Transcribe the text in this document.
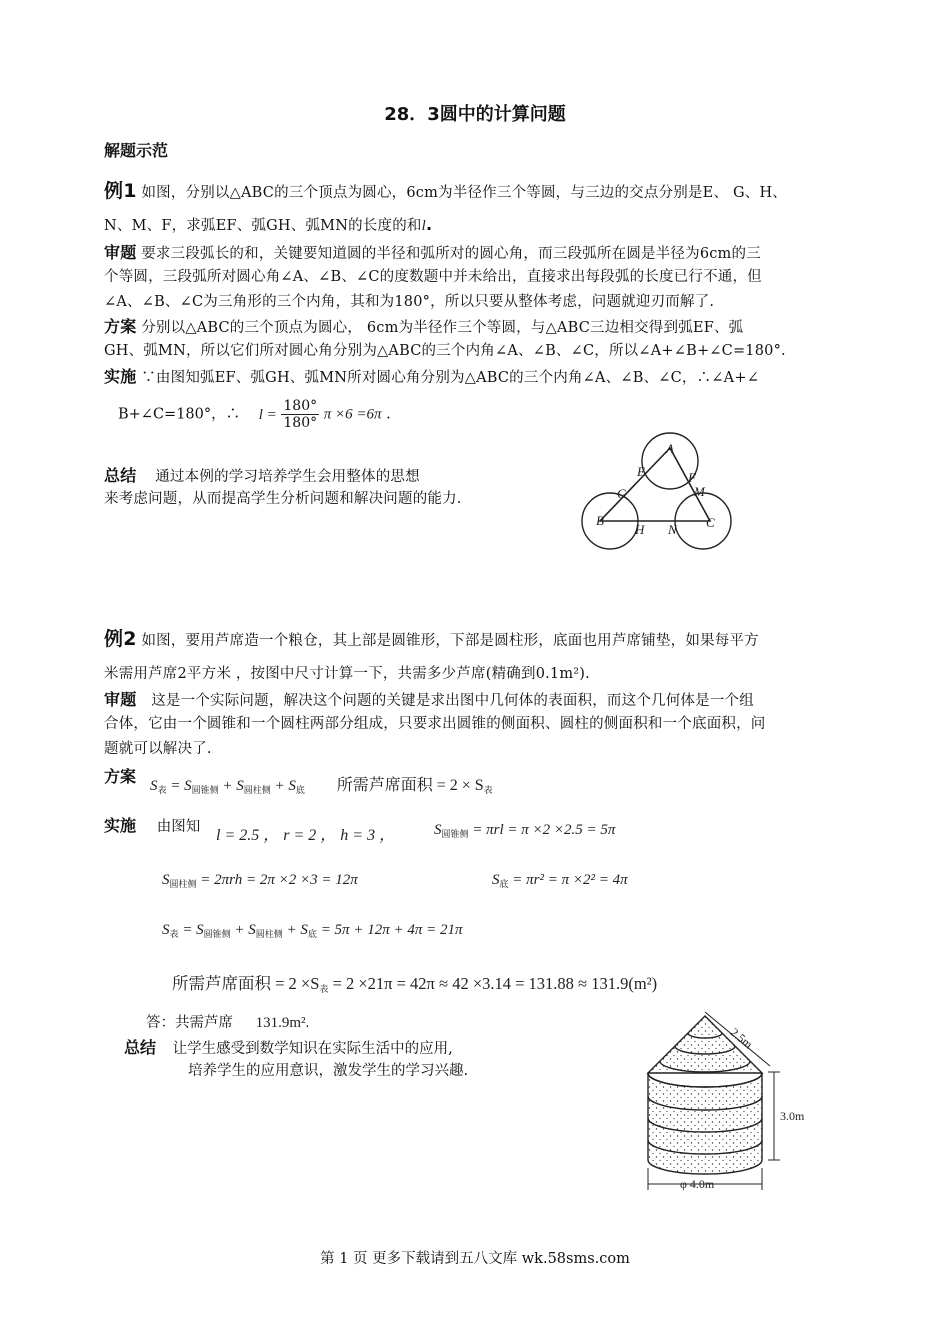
28．3圆中的计算问题
解题示范
例1 如图，分别以△ABC的三个顶点为圆心，6cm为半径作三个等圆，与三边的交点分别是E、 G、H、
N、M、F，求弧EF、弧GH、弧MN的长度的和l.
审题 要求三段弧长的和，关键要知道圆的半径和弧所对的圆心角，而三段弧所在圆是半径为6cm的三
个等圆，三段弧所对圆心角∠A、∠B、∠C的度数题中并未给出，直接求出每段弧的长度已行不通，但
∠A、∠B、∠C为三角形的三个内角，其和为180°，所以只要从整体考虑，问题就迎刃而解了.
方案 分别以△ABC的三个顶点为圆心， 6cm为半径作三个等圆，与△ABC三边相交得到弧EF、弧
GH、弧MN，所以它们所对圆心角分别为△ABC的三个内角∠A、∠B、∠C，所以∠A+∠B+∠C=180°.
实施 ∵由图知弧EF、弧GH、弧MN所对圆心角分别为△ABC的三个内角∠A、∠B、∠C，∴∠A+∠
B+∠C=180°，∴ $l = \frac{180^\circ}{180^\circ}$ π ×6 =6π .
总结 通过本例的学习培养学生会用整体的思想
来考虑问题，从而提高学生分析问题和解决问题的能力.
A
E	F
G	M
B
H N C
例2 如图，要用芦席造一个粮仓，其上部是圆锥形，下部是圆柱形，底面也用芦席铺垫，如果每平方
米需用芦席2平方米 ，按图中尺寸计算一下，共需多少芦席(精确到0.1m²).
审题 这是一个实际问题，解决这个问题的关键是求出图中几何体的表面积，而这个几何体是一个组
合体，它由一个圆锥和一个圆柱两部分组成，只要求出圆锥的侧面积、圆柱的侧面积和一个底面积，问
题就可以解决了.
方案 $S_表 = S_{圆锥侧} + S_{圆柱侧} + S_底$ 所需芦席面积 = $2 \times S_表$
实施 由图知 l = 2.5 ， r = 2 ， h = 3 ，	$S_{圆锥侧} = \pi rl = \pi \times 2 \times 2.5 = 5\pi$
$S_{圆柱侧} = 2\pi rh = 2\pi \times 2 \times 3 = 12\pi$	$S_底 = \pi r^2 = \pi \times 2^2 = 4\pi$
$S_表 = S_{圆锥侧} + S_{圆柱侧} + S_底 = 5\pi + 12\pi + 4\pi = 21\pi$
所需芦席面积 = $2 \times S_表 = 2 \times 21\pi = 42\pi \approx 42 \times 3.14 = 131.88 \approx 131.9(m^2)$
答：共需芦席 131.9m².
总结 让学生感受到数学知识在实际生活中的应用,
培养学生的应用意识，激发学生的学习兴趣.
2.5m
3.0m
φ 4.0m
第 1 页 更多下载请到五八文库 wk.58sms.com
